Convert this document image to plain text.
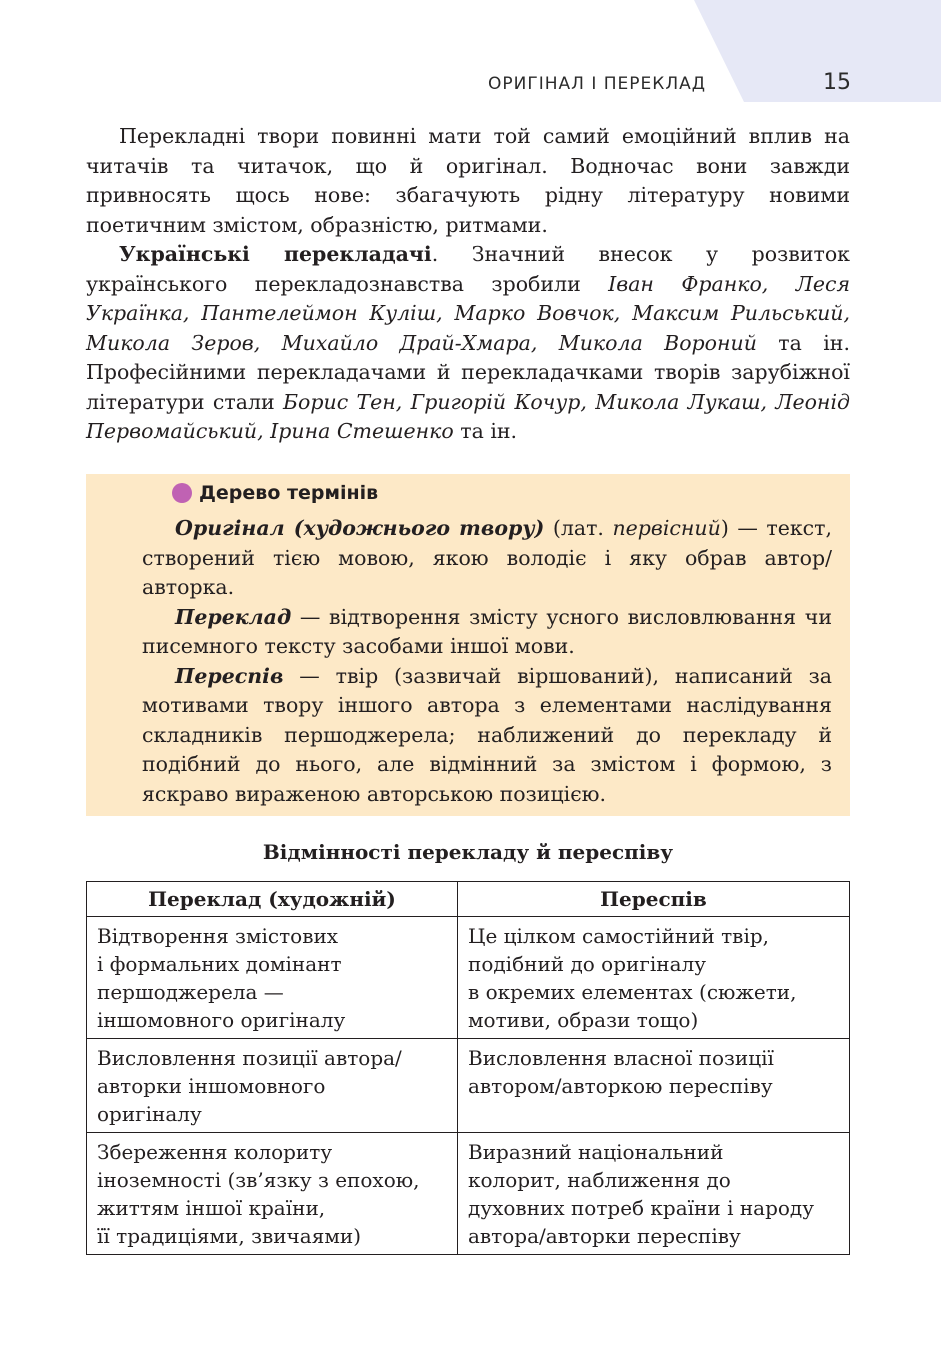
ОРИГІНАЛ І ПЕРЕКЛАД	15

Перекладні твори повинні мати той самий емоційний вплив на читачів та читачок, що й оригінал. Водночас вони завжди привносять щось нове: збагачують рідну літературу новими поетичним змістом, образністю, ритмами.

Українські перекладачі. Значний внесок у розвиток українського перекладознавства зробили Іван Франко, Леся Українка, Пантелеймон Куліш, Марко Вовчок, Максим Рильський, Микола Зеров, Михайло Драй-Хмара, Микола Вороний та ін. Професійними перекладачами й перекладачками творів зарубіжної літератури стали Борис Тен, Григорій Кочур, Микола Лукаш, Леонід Первомайський, Ірина Стешенко та ін.

Дерево термінів

Оригінал (художнього твору) (лат. первісний) — текст, створений тією мовою, якою володіє і яку обрав автор/авторка.

Переклад — відтворення змісту усного висловлювання чи писемного тексту засобами іншої мови.

Переспів — твір (зазвичай віршований), написаний за мотивами твору іншого автора з елементами наслідування складників першоджерела; наближений до перекладу й подібний до нього, але відмінний за змістом і формою, з яскраво вираженою авторською позицією.

Відмінності перекладу й переспіву
Переклад (художній)	Переспів

Відтворення змістових
і формальних домінант
першоджерела —
іншомовного оригіналу	Це цілком самостійний твір,
подібний до оригіналу
в окремих елементах (сюжети,
мотиви, образи тощо)

Висловлення позиції автора/
авторки іншомовного
оригіналу	Висловлення власної позиції
автором/авторкою переспіву

Збереження колориту
іноземності (зв’язку з епохою,
життям іншої країни,
її традиціями, звичаями)	Виразний національний
колорит, наближення до
духовних потреб країни і народу
автора/авторки переспіву
